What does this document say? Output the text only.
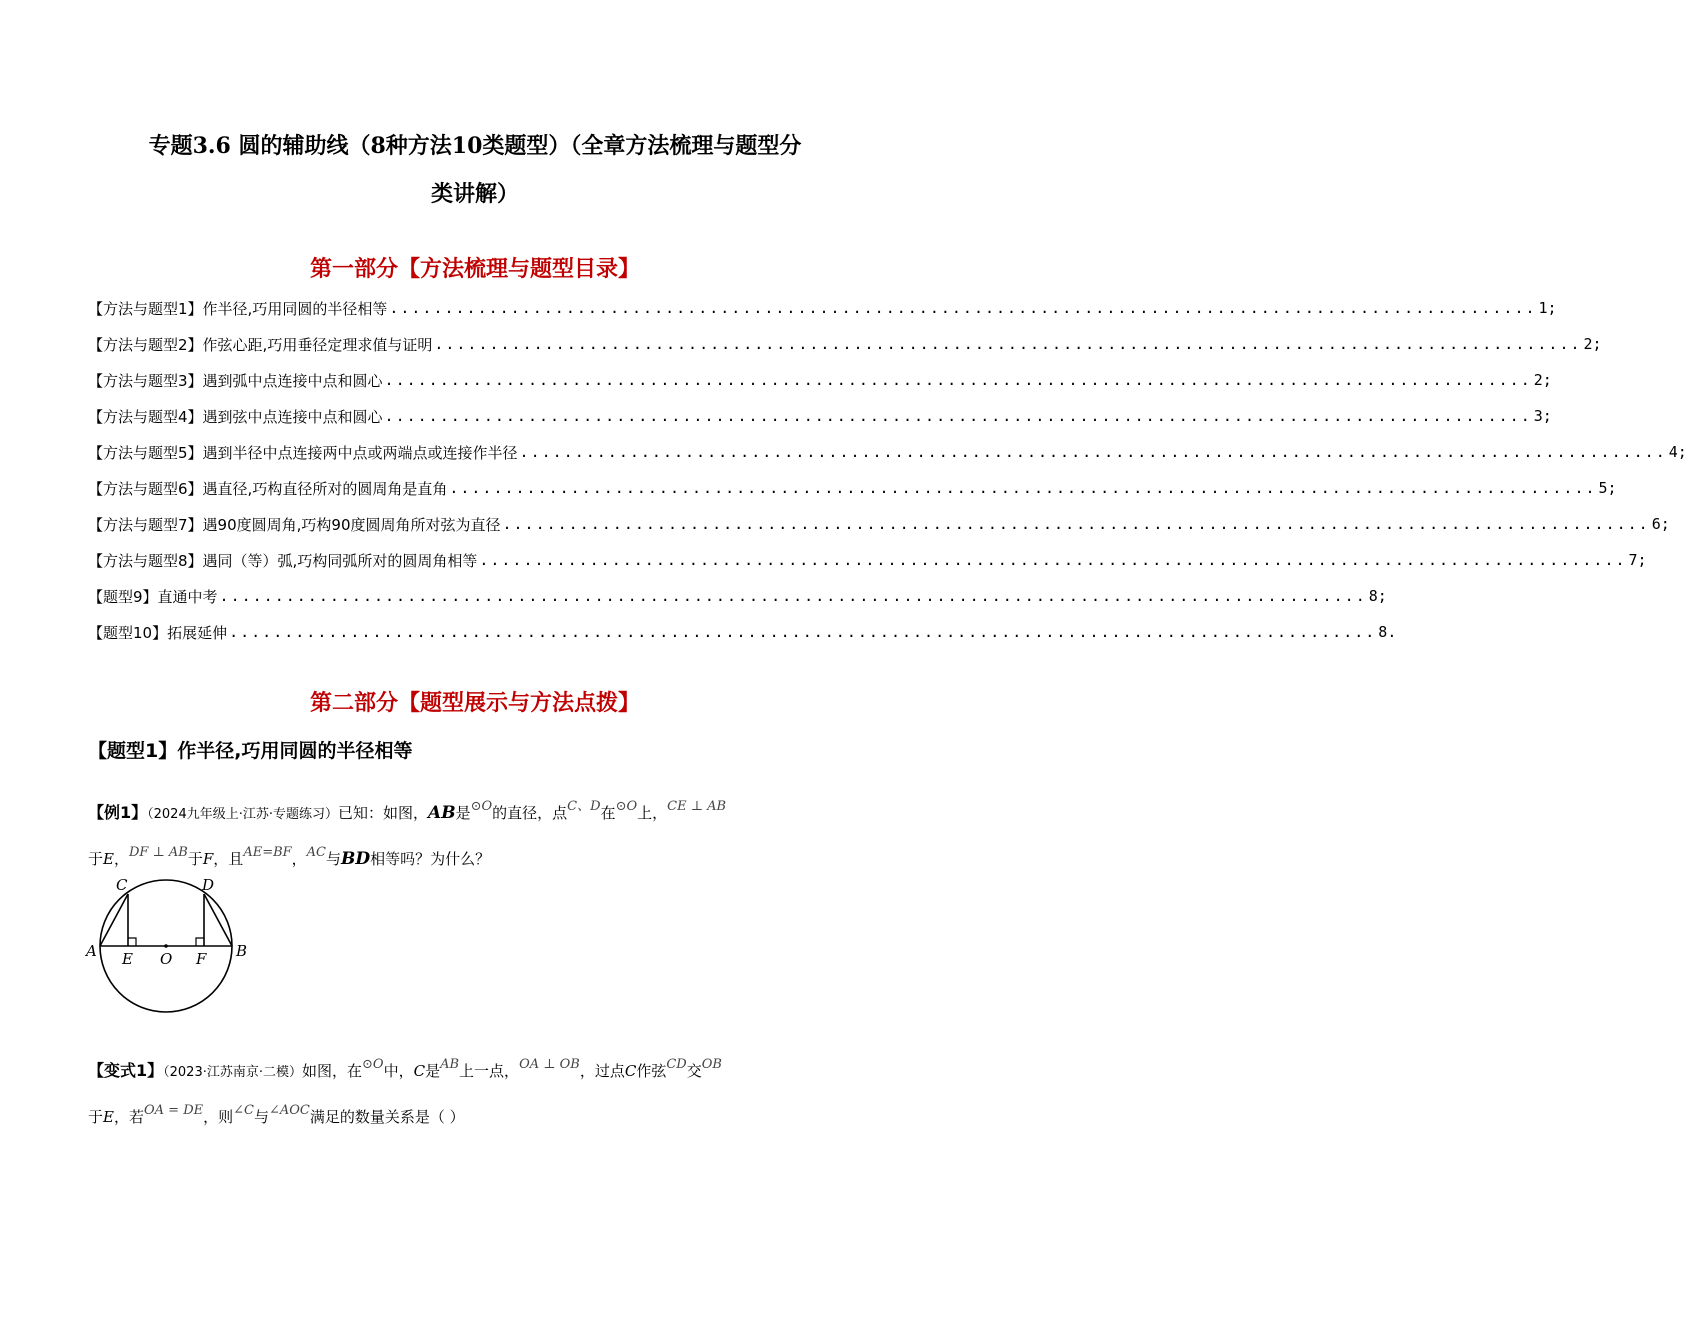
专题3.6 圆的辅助线（8种方法10类题型）（全章方法梳理与题型分
类讲解）
第一部分【方法梳理与题型目录】
【方法与题型1】作半径,巧用同圆的半径相等 ........................................................................................................ 1;
【方法与题型2】作弦心距,巧用垂径定理求值与证明 ........................................................................................................ 2;
【方法与题型3】遇到弧中点连接中点和圆心 ........................................................................................................ 2;
【方法与题型4】遇到弦中点连接中点和圆心 ........................................................................................................ 3;
【方法与题型5】遇到半径中点连接两中点或两端点或连接作半径 ........................................................................................................ 4;
【方法与题型6】遇直径,巧构直径所对的圆周角是直角 ........................................................................................................ 5;
【方法与题型7】遇90度圆周角,巧构90度圆周角所对弦为直径 ........................................................................................................ 6;
【方法与题型8】遇同（等）弧,巧构同弧所对的圆周角相等 ........................................................................................................ 7;
【题型9】直通中考 ........................................................................................................ 8;
【题型10】拓展延伸 ........................................................................................................ 8.
第二部分【题型展示与方法点拨】
【题型1】作半径,巧用同圆的半径相等
【例1】（2024九年级上·江苏·专题练习）已知：如图，AB是⊙O的直径，点C、D在⊙O上，CE ⊥ AB
于E，DF ⊥ AB于F，且AE=BF，AC与BD相等吗？为什么？
A	B
C	D
E O F
【变式1】（2023·江苏南京·二模）如图，在⊙O中，C是AB上一点，OA ⊥ OB，过点C作弦CD交OB
于E，若OA = DE，则∠C与∠AOC满足的数量关系是（ ）
